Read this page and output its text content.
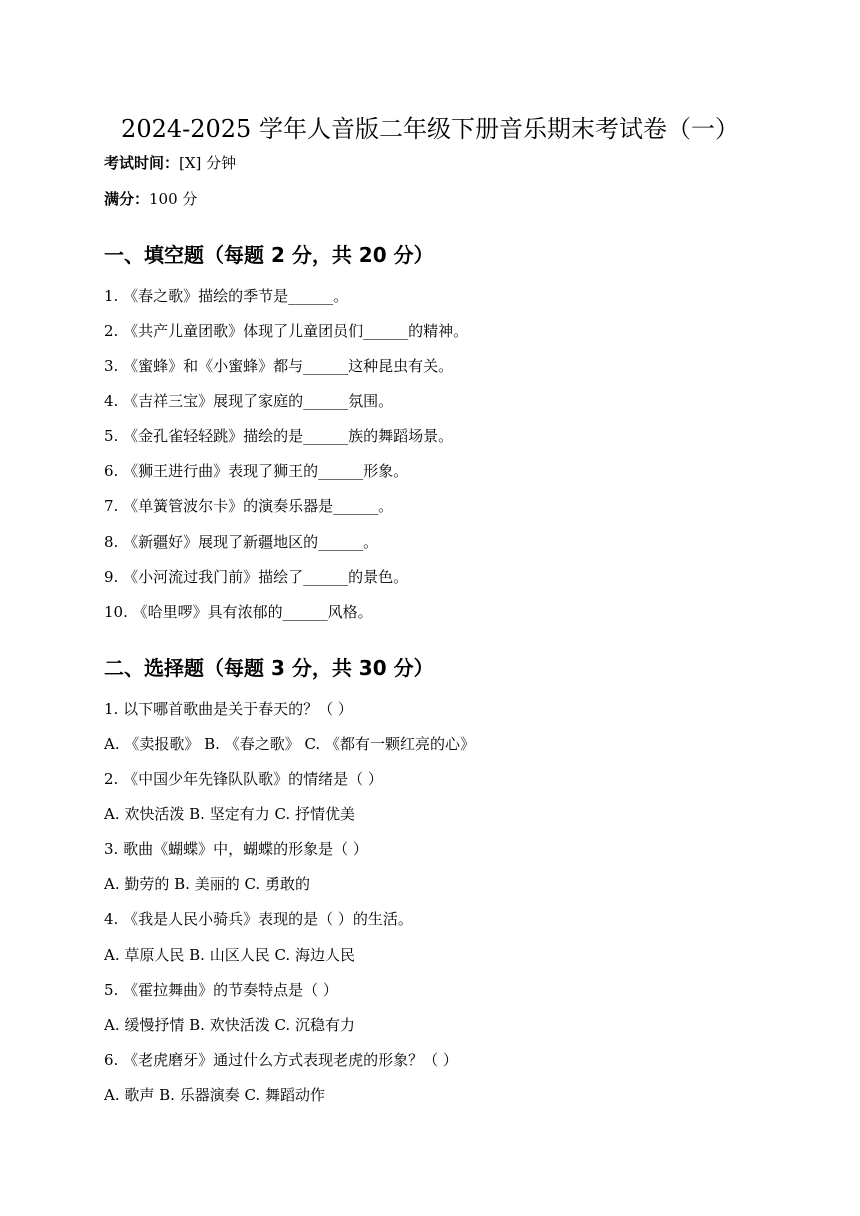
2024-2025 学年人音版二年级下册音乐期末考试卷（一）
考试时间：[X] 分钟
满分：100 分
一、填空题（每题 2 分，共 20 分）
1. 《春之歌》描绘的季节是______。
2. 《共产儿童团歌》体现了儿童团员们______的精神。
3. 《蜜蜂》和《小蜜蜂》都与______这种昆虫有关。
4. 《吉祥三宝》展现了家庭的______氛围。
5. 《金孔雀轻轻跳》描绘的是______族的舞蹈场景。
6. 《狮王进行曲》表现了狮王的______形象。
7. 《单簧管波尔卡》的演奏乐器是______。
8. 《新疆好》展现了新疆地区的______。
9. 《小河流过我门前》描绘了______的景色。
10. 《哈里啰》具有浓郁的______风格。
二、选择题（每题 3 分，共 30 分）
1. 以下哪首歌曲是关于春天的？（ ）
A. 《卖报歌》 B. 《春之歌》 C. 《都有一颗红亮的心》
2. 《中国少年先锋队队歌》的情绪是（ ）
A. 欢快活泼 B. 坚定有力 C. 抒情优美
3. 歌曲《蝴蝶》中，蝴蝶的形象是（ ）
A. 勤劳的 B. 美丽的 C. 勇敢的
4. 《我是人民小骑兵》表现的是（ ）的生活。
A. 草原人民 B. 山区人民 C. 海边人民
5. 《霍拉舞曲》的节奏特点是（ ）
A. 缓慢抒情 B. 欢快活泼 C. 沉稳有力
6. 《老虎磨牙》通过什么方式表现老虎的形象？（ ）
A. 歌声 B. 乐器演奏 C. 舞蹈动作
